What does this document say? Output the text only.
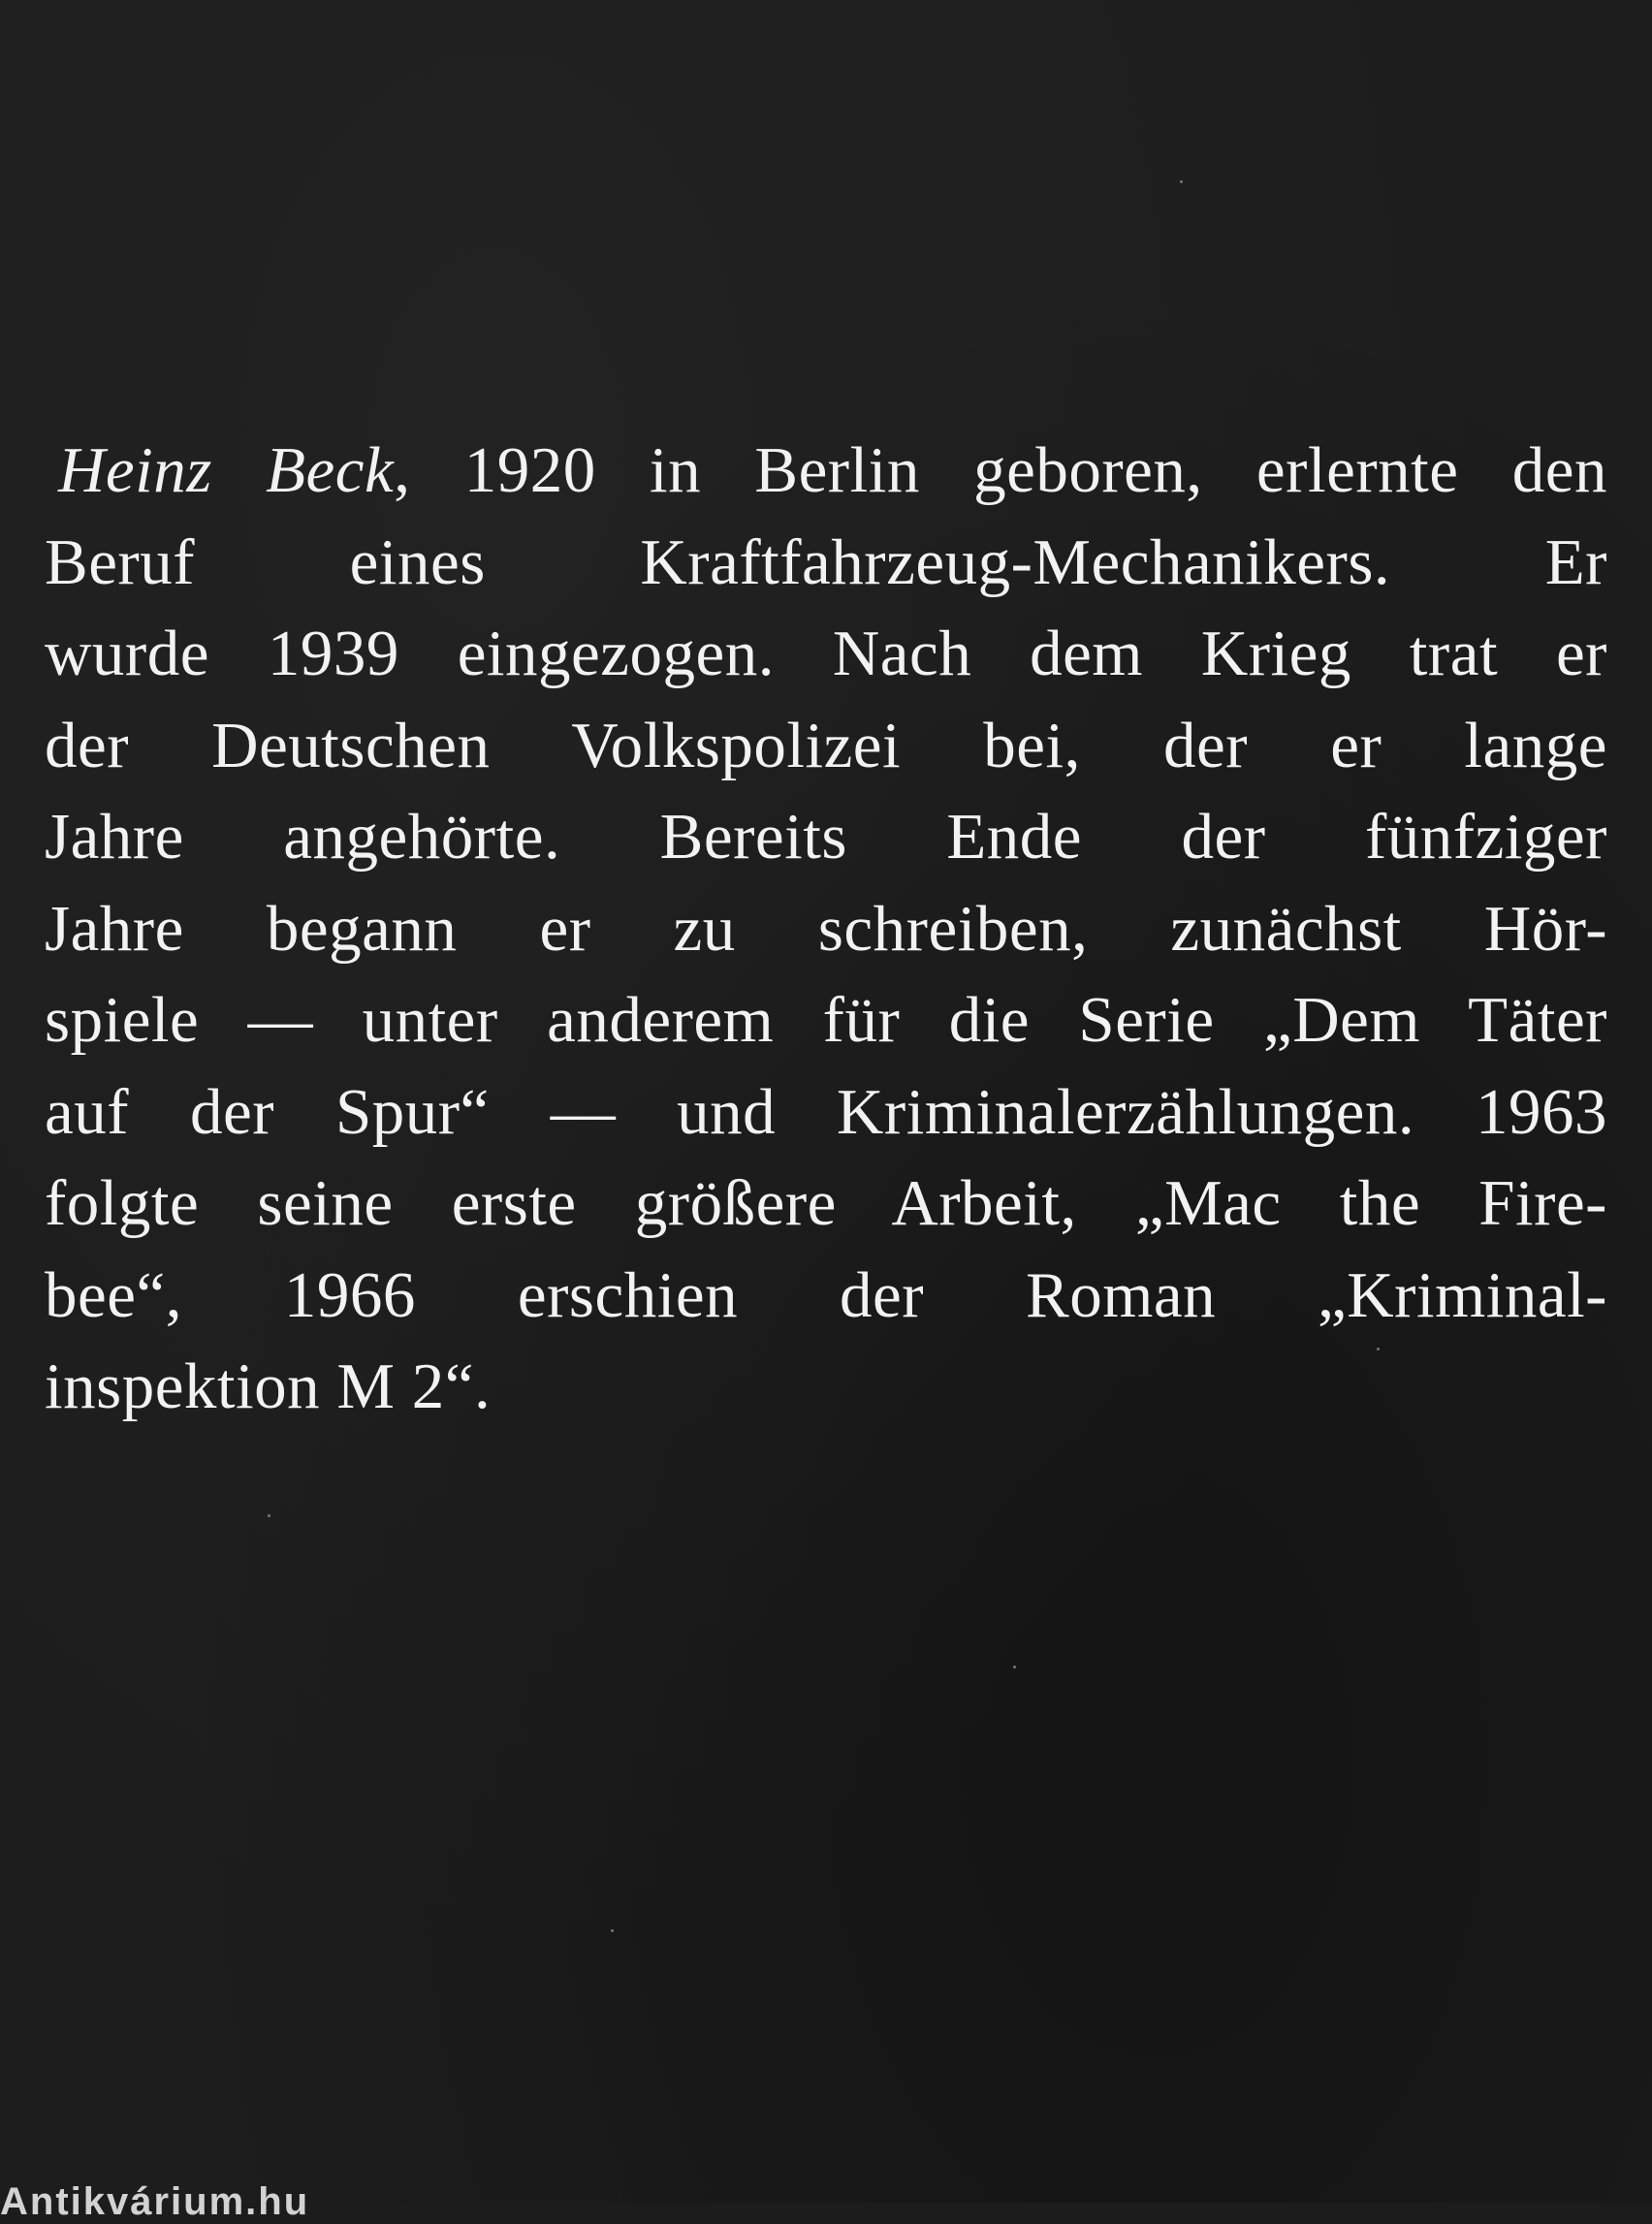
Heinz Beck, 1920 in Berlin geboren, erlernte den
Beruf eines Kraftfahrzeug-Mechanikers. Er
wurde 1939 eingezogen. Nach dem Krieg trat er
der Deutschen Volkspolizei bei, der er lange
Jahre angehörte. Bereits Ende der fünfziger
Jahre begann er zu schreiben, zunächst Hör-
spiele — unter anderem für die Serie „Dem Täter
auf der Spur“ — und Kriminalerzählungen. 1963
folgte seine erste größere Arbeit, „Mac the Fire-
bee“, 1966 erschien der Roman „Kriminal-
inspektion M 2“.

Antikvárium.hu
